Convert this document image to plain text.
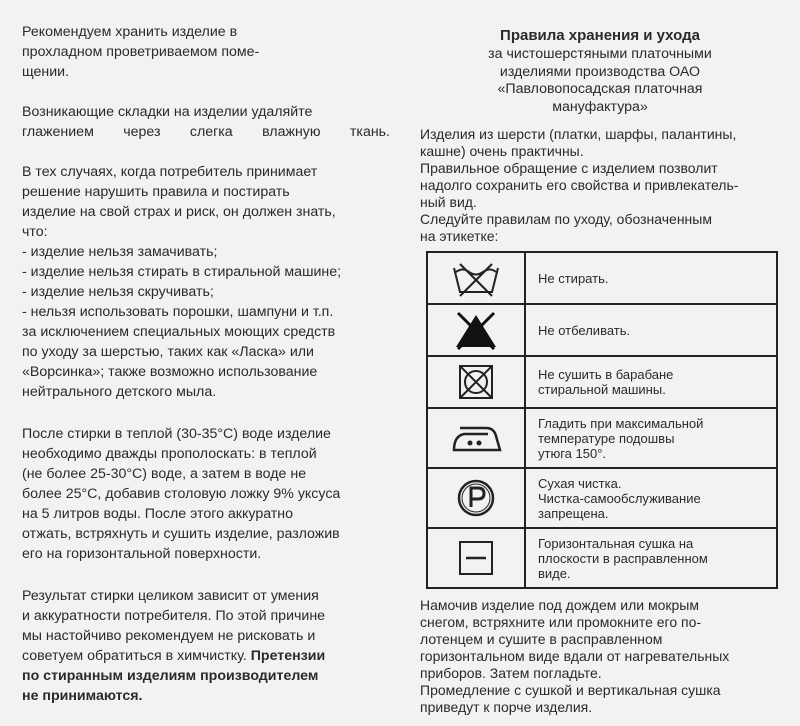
Рекомендуем хранить изделие в
прохладном проветриваемом поме-
щении.

Возникающие складки на изделии удаляйте
глажением через слегка влажную ткань.

В тех случаях, когда потребитель принимает
решение нарушить правила и постирать
изделие на свой страх и риск, он должен знать,
что:
- изделие нельзя замачивать;
- изделие нельзя стирать в стиральной машине;
- изделие нельзя скручивать;
- нельзя использовать порошки, шампуни и т.п.
за исключением специальных моющих средств
по уходу за шерстью, таких как «Ласка» или
«Ворсинка»; также возможно использование
нейтрального детского мыла.

После стирки в теплой (30-35°С) воде изделие
необходимо дважды прополоскать: в теплой
(не более 25-30°С) воде, а затем в воде не
более 25°С, добавив столовую ложку 9% уксуса
на 5 литров воды. После этого аккуратно
отжать, встряхнуть и сушить изделие, разложив
его на горизонтальной поверхности.

Результат стирки целиком зависит от умения
и аккуратности потребителя. По этой причине
мы настойчиво рекомендуем не рисковать и
советуем обратиться в химчистку. Претензии
по стиранным изделиям производителем
не принимаются.

Правила хранения и ухода
за чистошерстяными платочными
изделиями производства ОАО
«Павловопосадская платочная
мануфактура»
Изделия из шерсти (платки, шарфы, палантины,
кашне) очень практичны.
Правильное обращение с изделием позволит
надолго сохранить его свойства и привлекатель-
ный вид.
Следуйте правилам по уходу, обозначенным
на этикетке:
Не стирать.
Не отбеливать.
Не сушить в барабане
стиральной машины.
Гладить при максимальной
температуре подошвы
утюга 150°.
Сухая чистка.
Чистка-самообслуживание
запрещена.
Горизонтальная сушка на
плоскости в расправленном
виде.
Намочив изделие под дождем или мокрым
снегом, встряхните или промокните его по-
лотенцем и сушите в расправленном
горизонтальном виде вдали от нагревательных
приборов. Затем погладьте.
Промедление с сушкой и вертикальная сушка
приведут к порче изделия.
